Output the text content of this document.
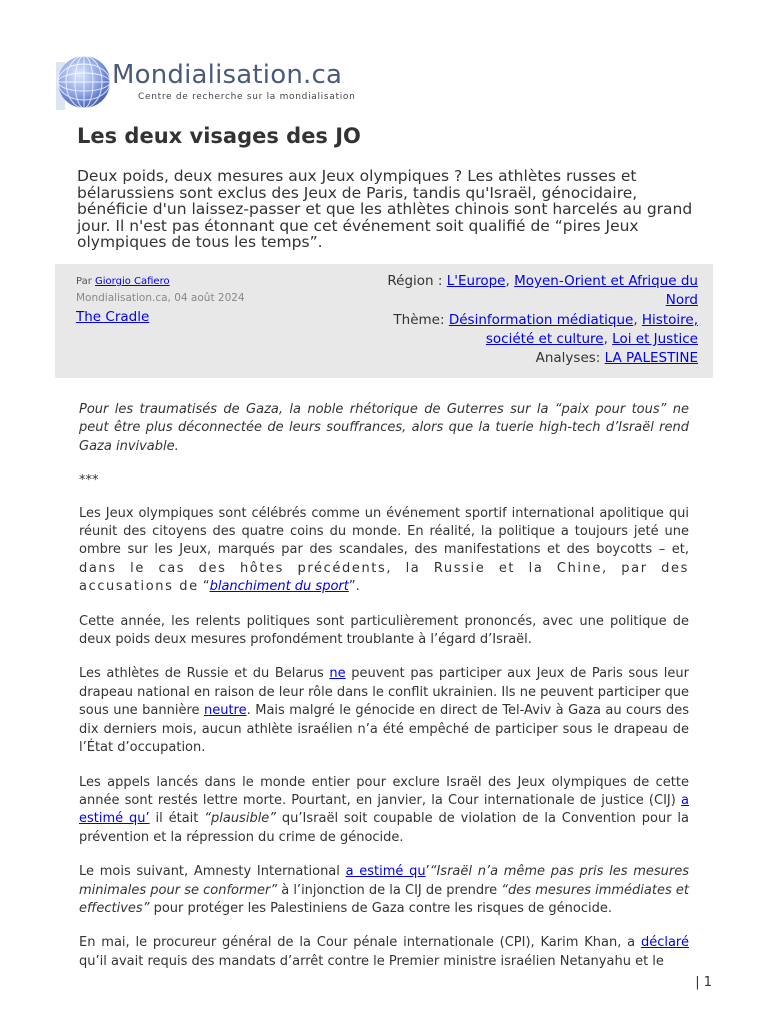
Mondialisation.ca
Centre de recherche sur la mondialisation
Les deux visages des JO

Deux poids, deux mesures aux Jeux olympiques ? Les athlètes russes et bélarussiens sont exclus des Jeux de Paris, tandis qu'Israël, génocidaire, bénéficie d'un laissez-passer et que les athlètes chinois sont harcelés au grand jour. Il n'est pas étonnant que cet événement soit qualifié de “pires Jeux olympiques de tous les temps”.

Par Giorgio Cafiero
Mondialisation.ca, 04 août 2024
The Cradle
Région : L'Europe, Moyen-Orient et Afrique du Nord
Thème: Désinformation médiatique, Histoire, société et culture, Loi et Justice
Analyses: LA PALESTINE

Pour les traumatisés de Gaza, la noble rhétorique de Guterres sur la “paix pour tous” ne peut être plus déconnectée de leurs souffrances, alors que la tuerie high-tech d’Israël rend Gaza invivable.

***

Les Jeux olympiques sont célébrés comme un événement sportif international apolitique qui réunit des citoyens des quatre coins du monde. En réalité, la politique a toujours jeté une ombre sur les Jeux, marqués par des scandales, des manifestations et des boycotts – et, dans le cas des hôtes précédents, la Russie et la Chine, par des accusations de “blanchiment du sport”.

Cette année, les relents politiques sont particulièrement prononcés, avec une politique de deux poids deux mesures profondément troublante à l’égard d’Israël.

Les athlètes de Russie et du Belarus ne peuvent pas participer aux Jeux de Paris sous leur drapeau national en raison de leur rôle dans le conflit ukrainien. Ils ne peuvent participer que sous une bannière neutre. Mais malgré le génocide en direct de Tel-Aviv à Gaza au cours des dix derniers mois, aucun athlète israélien n’a été empêché de participer sous le drapeau de l’État d’occupation.

Les appels lancés dans le monde entier pour exclure Israël des Jeux olympiques de cette année sont restés lettre morte. Pourtant, en janvier, la Cour internationale de justice (CIJ) a estimé qu’ il était “plausible” qu’Israël soit coupable de violation de la Convention pour la prévention et la répression du crime de génocide.

Le mois suivant, Amnesty International a estimé qu’“Israël n’a même pas pris les mesures minimales pour se conformer” à l’injonction de la CIJ de prendre “des mesures immédiates et effectives” pour protéger les Palestiniens de Gaza contre les risques de génocide.

En mai, le procureur général de la Cour pénale internationale (CPI), Karim Khan, a déclaré qu’il avait requis des mandats d’arrêt contre le Premier ministre israélien Netanyahu et le

| 1
